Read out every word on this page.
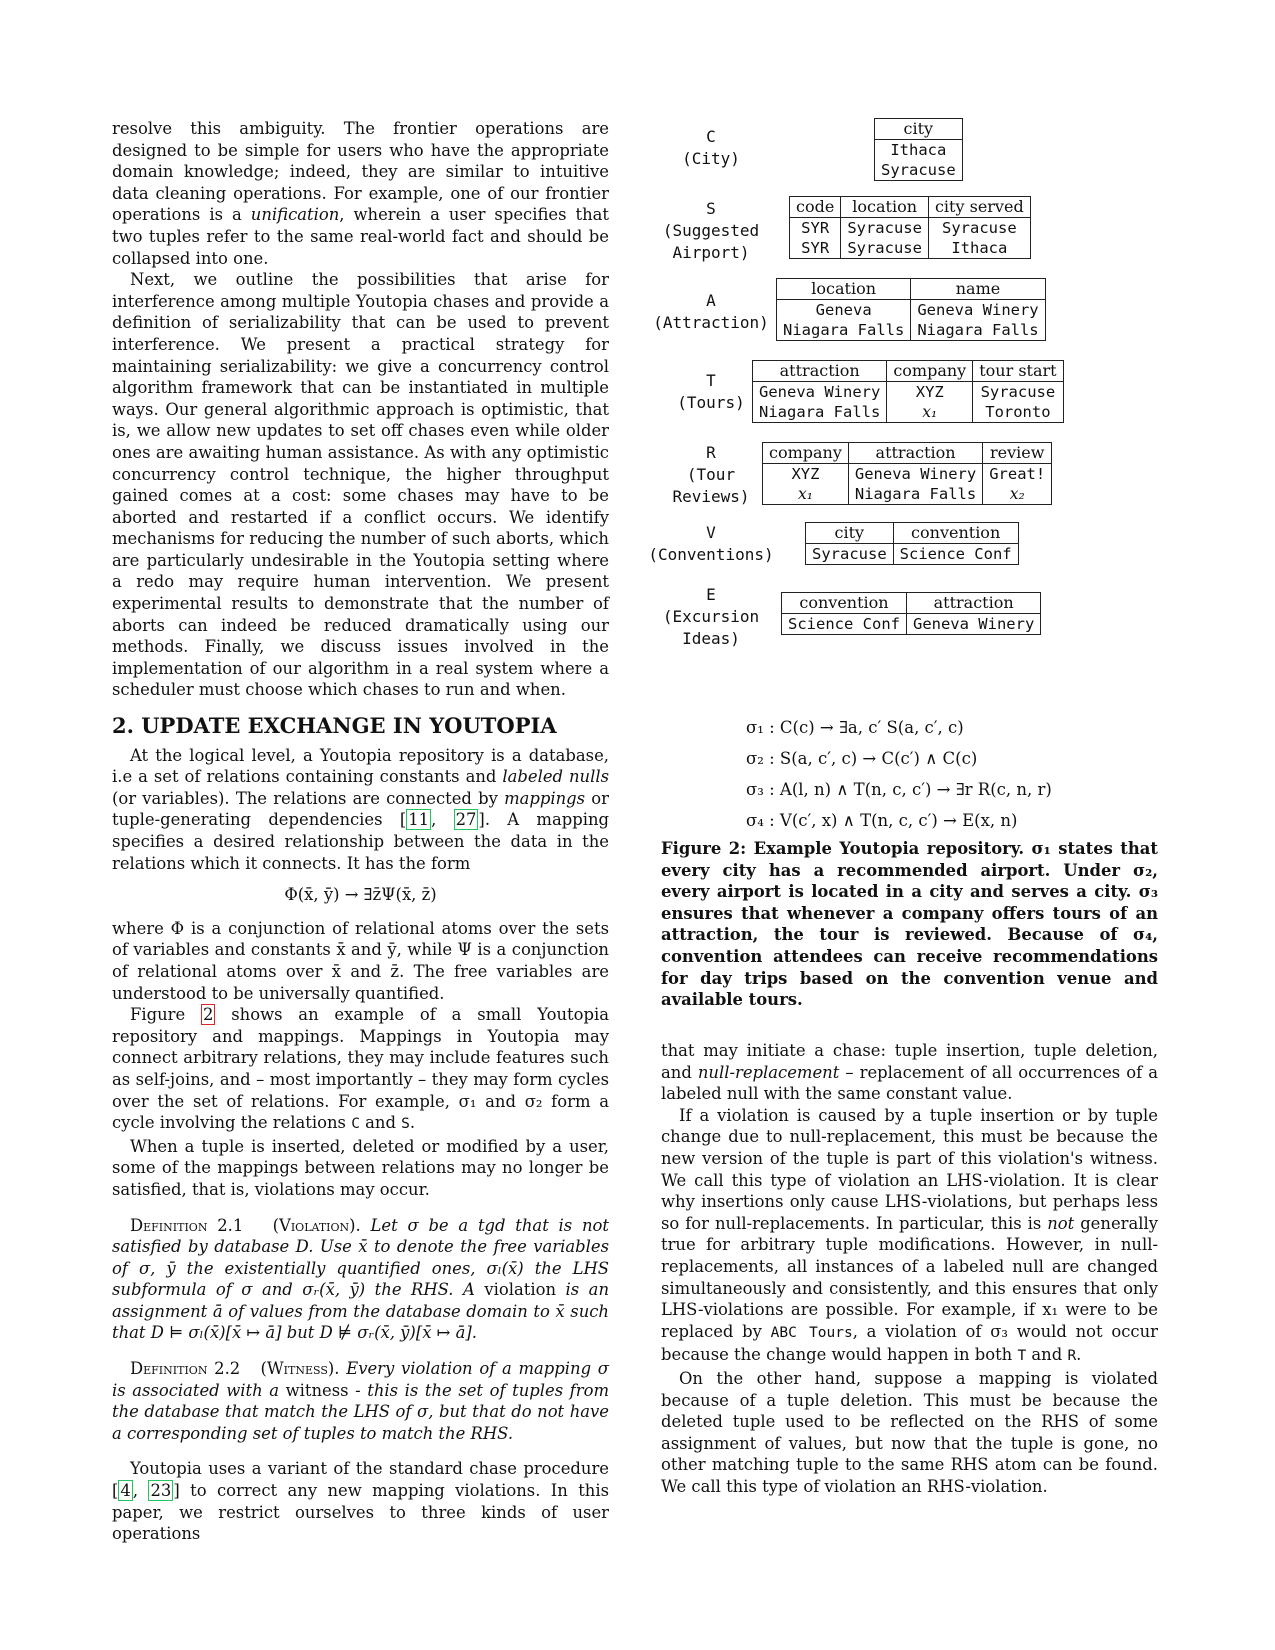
resolve this ambiguity. The frontier operations are designed to be simple for users who have the appropriate domain knowledge; indeed, they are similar to intuitive data cleaning operations. For example, one of our frontier operations is a unification, wherein a user specifies that two tuples refer to the same real-world fact and should be collapsed into one.

Next, we outline the possibilities that arise for interference among multiple Youtopia chases and provide a definition of serializability that can be used to prevent interference. We present a practical strategy for maintaining serializability: we give a concurrency control algorithm framework that can be instantiated in multiple ways. Our general algorithmic approach is optimistic, that is, we allow new updates to set off chases even while older ones are awaiting human assistance. As with any optimistic concurrency control technique, the higher throughput gained comes at a cost: some chases may have to be aborted and restarted if a conflict occurs. We identify mechanisms for reducing the number of such aborts, which are particularly undesirable in the Youtopia setting where a redo may require human intervention. We present experimental results to demonstrate that the number of aborts can indeed be reduced dramatically using our methods. Finally, we discuss issues involved in the implementation of our algorithm in a real system where a scheduler must choose which chases to run and when.

2. UPDATE EXCHANGE IN YOUTOPIA

At the logical level, a Youtopia repository is a database, i.e a set of relations containing constants and labeled nulls (or variables). The relations are connected by mappings or tuple-generating dependencies [ 11 , 27 ]. A mapping specifies a desired relationship between the data in the relations which it connects. It has the form

Φ(x̄, ȳ) → ∃z̄Ψ(x̄, z̄)

where Φ is a conjunction of relational atoms over the sets of variables and constants x̄ and ȳ, while Ψ is a conjunction of relational atoms over x̄ and z̄. The free variables are understood to be universally quantified.

Figure 2 shows an example of a small Youtopia repository and mappings. Mappings in Youtopia may connect arbitrary relations, they may include features such as self-joins, and – most importantly – they may form cycles over the set of relations. For example, σ₁ and σ₂ form a cycle involving the relations C and S.

When a tuple is inserted, deleted or modified by a user, some of the mappings between relations may no longer be satisfied, that is, violations may occur.

Definition 2.1 (Violation). Let σ be a tgd that is not satisfied by database D. Use x̄ to denote the free variables of σ, ȳ the existentially quantified ones, σₗ(x̄) the LHS subformula of σ and σᵣ(x̄, ȳ) the RHS. A violation is an assignment ā of values from the database domain to x̄ such that D ⊨ σₗ(x̄)[x̄ ↦ ā] but D ⊭ σᵣ(x̄, ȳ)[x̄ ↦ ā].

Definition 2.2 (Witness). Every violation of a mapping σ is associated with a witness - this is the set of tuples from the database that match the LHS of σ, but that do not have a corresponding set of tuples to match the RHS.

Youtopia uses a variant of the standard chase procedure [ 4 , 23 ] to correct any new mapping violations. In this paper, we restrict ourselves to three kinds of user operations

C
(City)
city
Ithaca
Syracuse
S
(Suggested
Airport)
code	location	city served
SYR	Syracuse	Syracuse
SYR	Syracuse	Ithaca
A
(Attraction)
location	name
Geneva	Geneva Winery
Niagara Falls	Niagara Falls
T
(Tours)
attraction	company	tour start
Geneva Winery	XYZ	Syracuse
Niagara Falls	x₁	Toronto
R
(Tour
Reviews)
company	attraction	review
XYZ	Geneva Winery	Great!
x₁	Niagara Falls	x₂
V
(Conventions)
city	convention
Syracuse	Science Conf
E
(Excursion
Ideas)
convention	attraction
Science Conf	Geneva Winery
σ₁ : C(c) → ∃a, c′ S(a, c′, c)
σ₂ : S(a, c′, c) → C(c′) ∧ C(c)
σ₃ : A(l, n) ∧ T(n, c, c′) → ∃r R(c, n, r)
σ₄ : V(c′, x) ∧ T(n, c, c′) → E(x, n)
Figure 2: Example Youtopia repository. σ₁ states that every city has a recommended airport. Under σ₂, every airport is located in a city and serves a city. σ₃ ensures that whenever a company offers tours of an attraction, the tour is reviewed. Because of σ₄, convention attendees can receive recommendations for day trips based on the convention venue and available tours.

that may initiate a chase: tuple insertion, tuple deletion, and null-replacement – replacement of all occurrences of a labeled null with the same constant value.

If a violation is caused by a tuple insertion or by tuple change due to null-replacement, this must be because the new version of the tuple is part of this violation's witness. We call this type of violation an LHS-violation. It is clear why insertions only cause LHS-violations, but perhaps less so for null-replacements. In particular, this is not generally true for arbitrary tuple modifications. However, in null-replacements, all instances of a labeled null are changed simultaneously and consistently, and this ensures that only LHS-violations are possible. For example, if x₁ were to be replaced by ABC Tours, a violation of σ₃ would not occur because the change would happen in both T and R.

On the other hand, suppose a mapping is violated because of a tuple deletion. This must be because the deleted tuple used to be reflected on the RHS of some assignment of values, but now that the tuple is gone, no other matching tuple to the same RHS atom can be found. We call this type of violation an RHS-violation.
